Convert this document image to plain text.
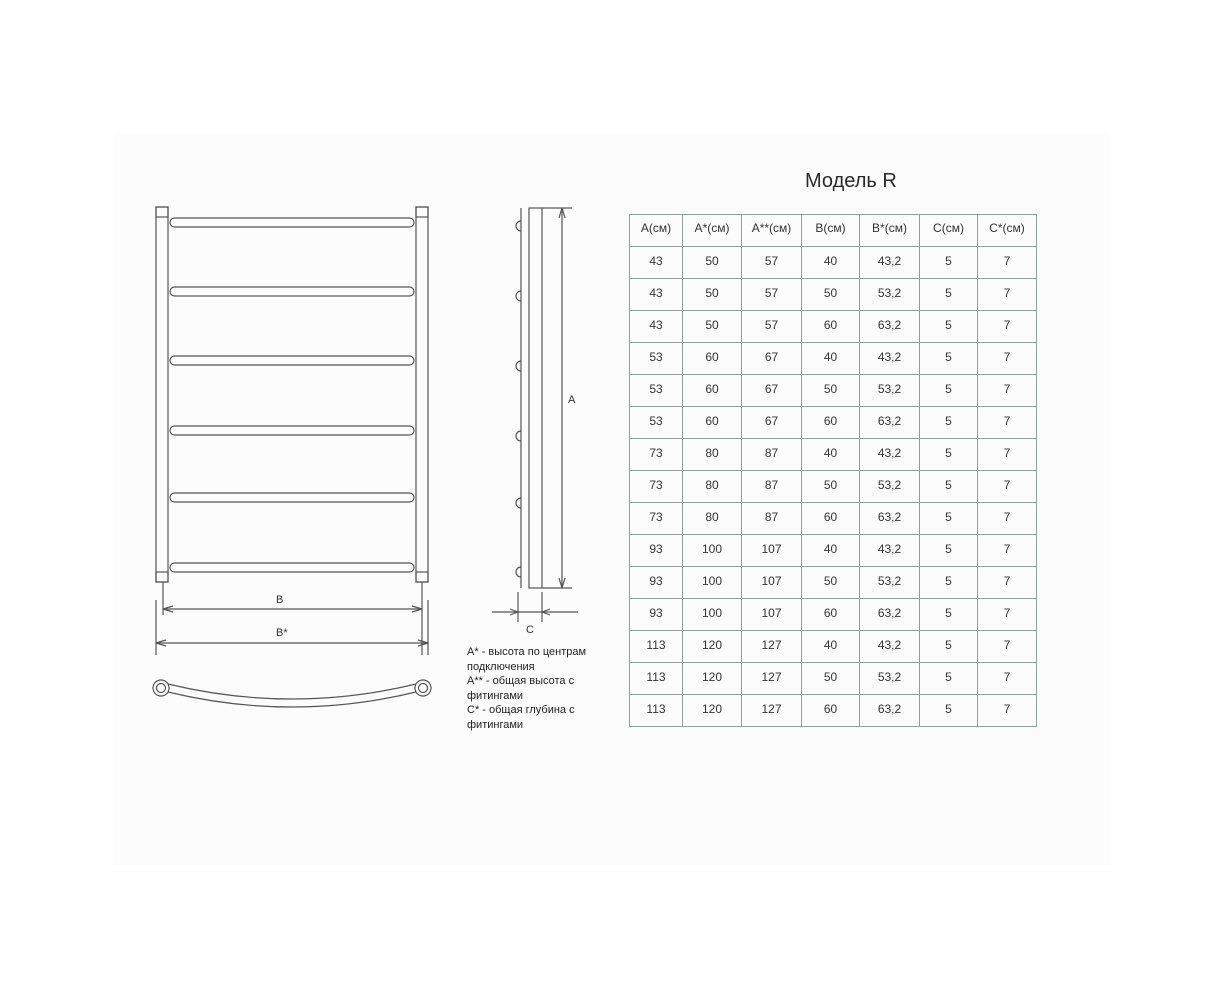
A
B
B*	C
Модель R

A* - высота по центрам подключения

A** - общая высота с фитингами

C* - общая глубина с фитингами

A(см)	A*(см)	A**(см)	B(см)	B*(см)	C(см)	C*(см)
43	50	57	40	43,2	5	7
43	50	57	50	53,2	5	7
43	50	57	60	63,2	5	7
53	60	67	40	43,2	5	7
53	60	67	50	53,2	5	7
53	60	67	60	63,2	5	7
73	80	87	40	43,2	5	7
73	80	87	50	53,2	5	7
73	80	87	60	63,2	5	7
93	100	107	40	43,2	5	7
93	100	107	50	53,2	5	7
93	100	107	60	63,2	5	7
113	120	127	40	43,2	5	7
113	120	127	50	53,2	5	7
113	120	127	60	63,2	5	7
